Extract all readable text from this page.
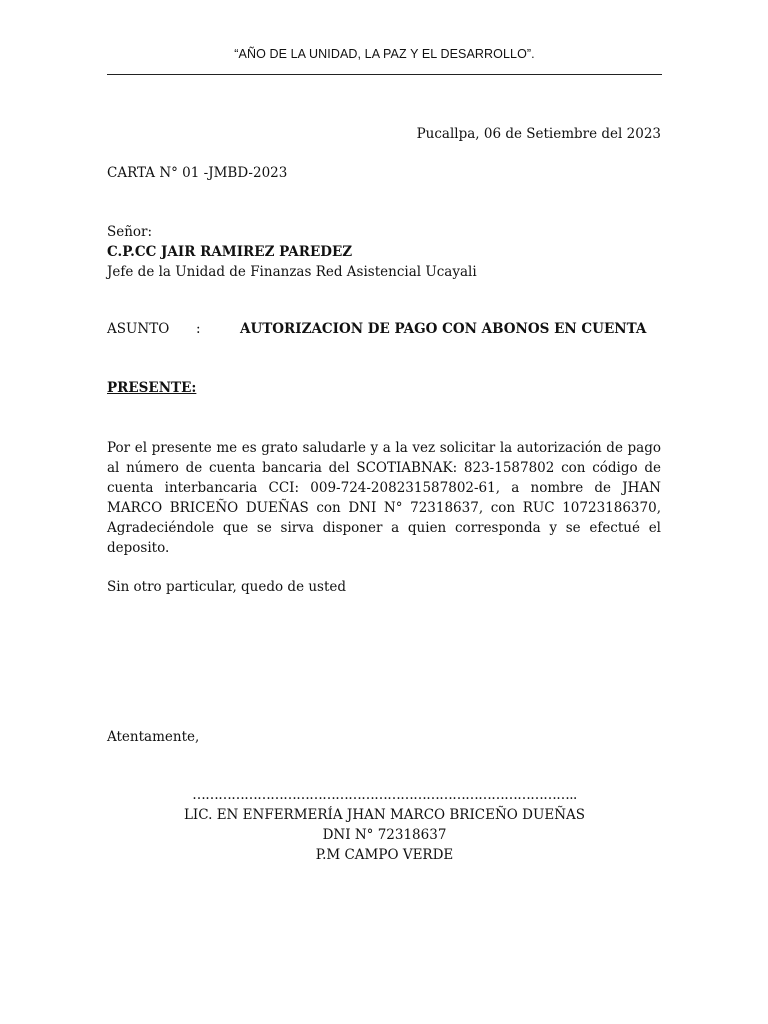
“AÑO DE LA UNIDAD, LA PAZ Y EL DESARROLLO”.
Pucallpa, 06 de Setiembre del 2023
CARTA N° 01 -JMBD-2023
Señor:
C.P.CC JAIR RAMIREZ PAREDEZ
Jefe de la Unidad de Finanzas Red Asistencial Ucayali
ASUNTO :	AUTORIZACION DE PAGO CON ABONOS EN CUENTA
PRESENTE:

Por el presente me es grato saludarle y a la vez solicitar la autorización de pago al número de cuenta bancaria del SCOTIABNAK: 823-1587802 con código de cuenta interbancaria CCI: 009-724-208231587802-61, a nombre de JHAN MARCO BRICEÑO DUEÑAS con DNI N° 72318637, con RUC 10723186370, Agradeciéndole que se sirva disponer a quien corresponda y se efectué el deposito.

Sin otro particular, quedo de usted
Atentamente,
……………………………………………………………………………..
LIC. EN ENFERMERÍA JHAN MARCO BRICEÑO DUEÑAS
DNI N° 72318637
P.M CAMPO VERDE
